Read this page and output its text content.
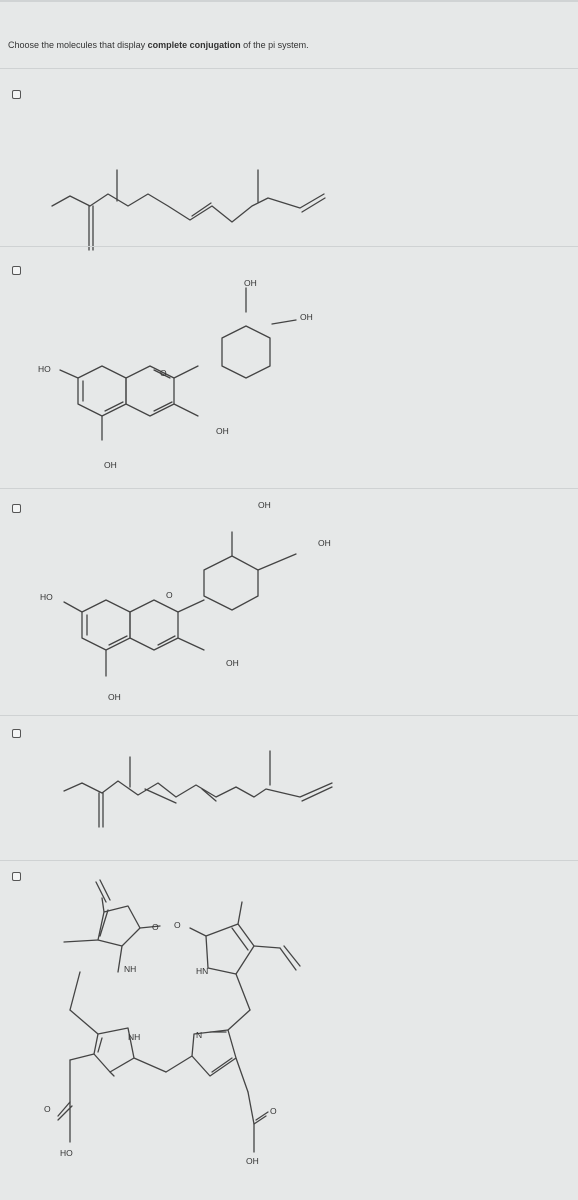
Choose the molecules that display complete conjugation of the pi system.
OH
OH
HO
OH
OH
O
OH
OH
HO
OH
OH
O
O O
NH	HN
NH	N
O	O
HO
OH
